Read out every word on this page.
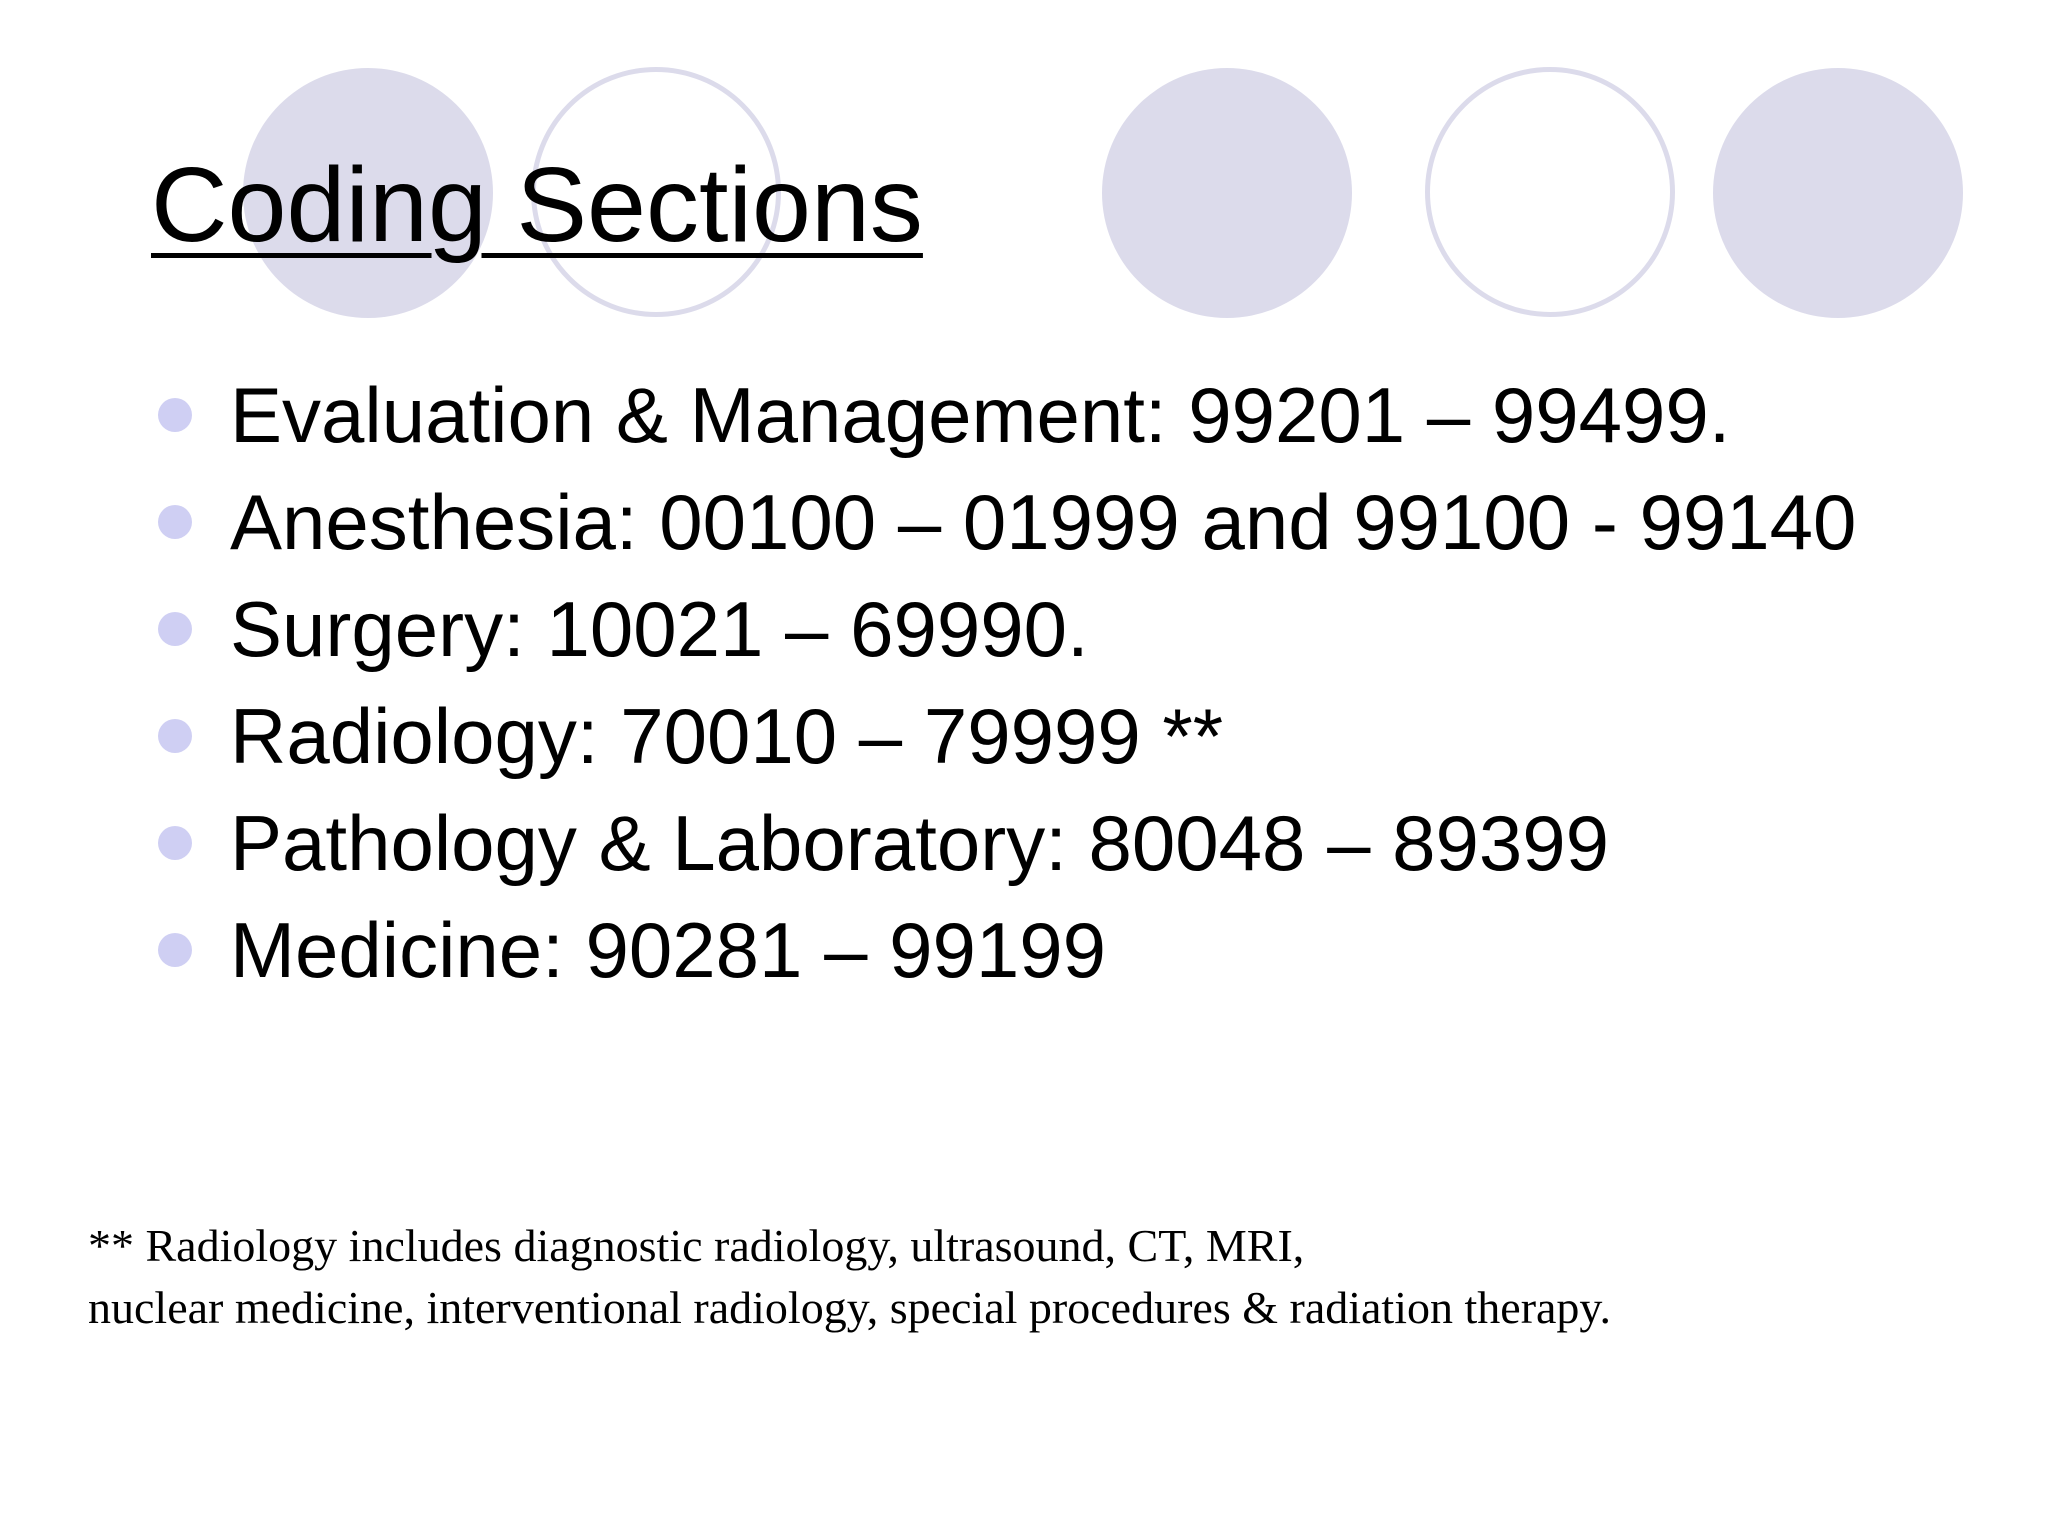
Coding Sections
Evaluation & Management: 99201 – 99499.
Anesthesia: 00100 – 01999 and 99100 - 99140
Surgery: 10021 – 69990.
Radiology: 70010 – 79999 **
Pathology & Laboratory: 80048 – 89399
Medicine: 90281 – 99199

** Radiology includes diagnostic radiology, ultrasound, CT, MRI,
nuclear medicine, interventional radiology, special procedures & radiation therapy.
